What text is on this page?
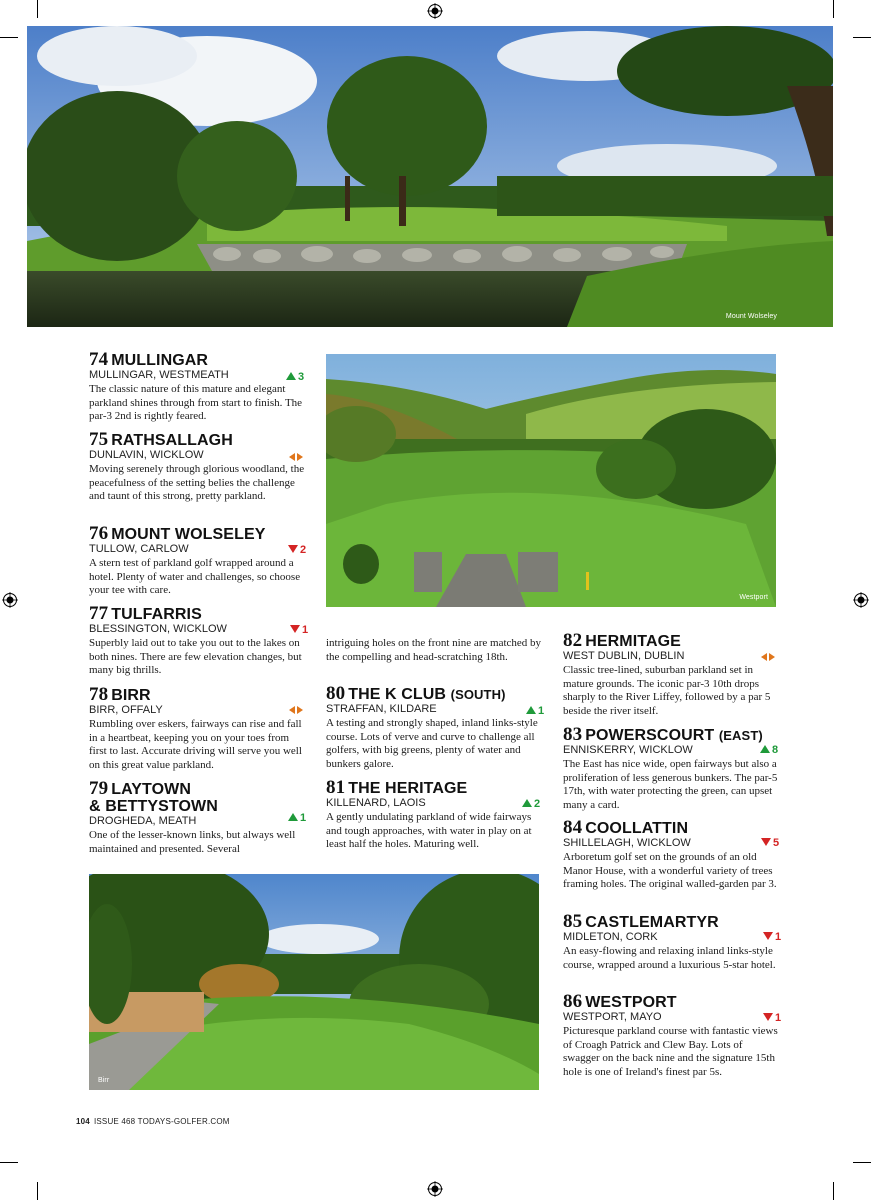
Mount Wolseley
Westport
Birr
74 MULLINGAR
MULLINGAR, WESTMEATH
The classic nature of this mature and elegant parkland shines through from start to finish. The par-3 2nd is rightly feared.
3
75 RATHSALLAGH
DUNLAVIN, WICKLOW
Moving serenely through glorious woodland, the peacefulness of the setting belies the challenge and taunt of this strong, pretty parkland.
76 MOUNT WOLSELEY
TULLOW, CARLOW
A stern test of parkland golf wrapped around a hotel. Plenty of water and challenges, so choose your tee with care.
2
77 TULFARRIS
BLESSINGTON, WICKLOW
Superbly laid out to take you out to the lakes on both nines. There are few elevation changes, but many big thrills.
1
78 BIRR
BIRR, OFFALY
Rumbling over eskers, fairways can rise and fall in a heartbeat, keeping you on your toes from first to last. Accurate driving will serve you well on this great value parkland.
79 LAYTOWN
& BETTYSTOWN
DROGHEDA, MEATH
One of the lesser-known links, but always well maintained and presented. Several
1
intriguing holes on the front nine are matched by the compelling and head-scratching 18th.
80 THE K CLUB (SOUTH)
STRAFFAN, KILDARE
A testing and strongly shaped, inland links-style course. Lots of verve and curve to challenge all golfers, with big greens, plenty of water and bunkers galore.
1
81 THE HERITAGE
KILLENARD, LAOIS
A gently undulating parkland of wide fairways and tough approaches, with water in play on at least half the holes. Maturing well.
2
82 HERMITAGE
WEST DUBLIN, DUBLIN
Classic tree-lined, suburban parkland set in mature grounds. The iconic par-3 10th drops sharply to the River Liffey, followed by a par 5 beside the river itself.
83 POWERSCOURT (EAST)
ENNISKERRY, WICKLOW
The East has nice wide, open fairways but also a proliferation of less generous bunkers. The par-5 17th, with water protecting the green, can upset many a card.
8
84 COOLLATTIN
SHILLELAGH, WICKLOW
Arboretum golf set on the grounds of an old Manor House, with a wonderful variety of trees framing holes. The original walled-garden par 3.
5
85 CASTLEMARTYR
MIDLETON, CORK
An easy-flowing and relaxing inland links-style course, wrapped around a luxurious 5-star hotel.
1
86 WESTPORT
WESTPORT, MAYO
Picturesque parkland course with fantastic views of Croagh Patrick and Clew Bay. Lots of swagger on the back nine and the signature 15th hole is one of Ireland's finest par 5s.
1
104 ISSUE 468 TODAYS-GOLFER.COM
